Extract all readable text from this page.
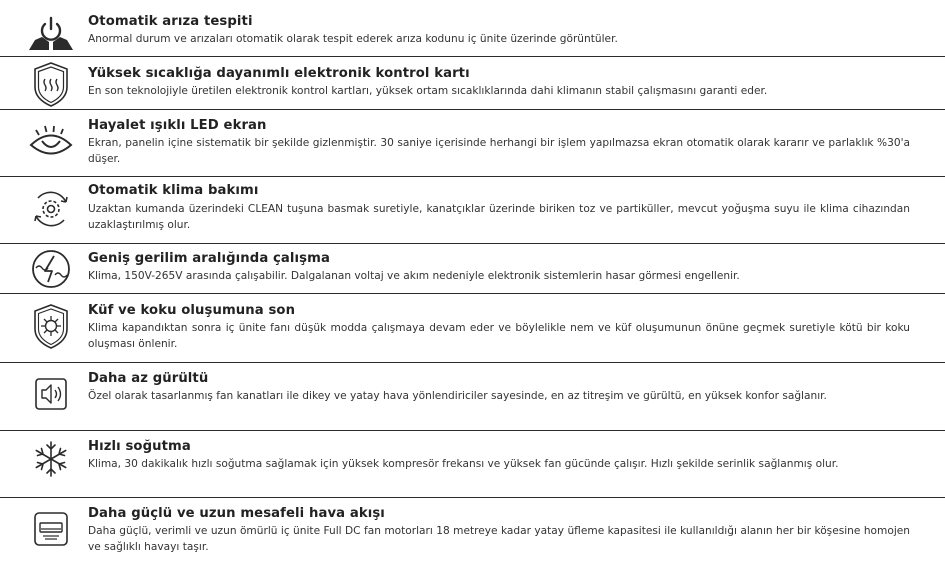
Otomatik arıza tespiti
Anormal durum ve arızaları otomatik olarak tespit ederek arıza kodunu iç ünite üzerinde görüntüler.
Yüksek sıcaklığa dayanımlı elektronik kontrol kartı
En son teknolojiyle üretilen elektronik kontrol kartları, yüksek ortam sıcaklıklarında dahi klimanın stabil çalışmasını garanti eder.
Hayalet ışıklı LED ekran
Ekran, panelin içine sistematik bir şekilde gizlenmiştir. 30 saniye içerisinde herhangi bir işlem yapılmazsa ekran otomatik olarak kararır ve parlaklık %30'a düşer.
Otomatik klima bakımı
Uzaktan kumanda üzerindeki CLEAN tuşuna basmak suretiyle, kanatçıklar üzerinde biriken toz ve partiküller, mevcut yoğuşma suyu ile klima cihazından uzaklaştırılmış olur.
Geniş gerilim aralığında çalışma
Klima, 150V-265V arasında çalışabilir. Dalgalanan voltaj ve akım nedeniyle elektronik sistemlerin hasar görmesi engellenir.
Küf ve koku oluşumuna son
Klima kapandıktan sonra iç ünite fanı düşük modda çalışmaya devam eder ve böylelikle nem ve küf oluşumunun önüne geçmek suretiyle kötü bir koku oluşması önlenir.
Daha az gürültü
Özel olarak tasarlanmış fan kanatları ile dikey ve yatay hava yönlendiriciler sayesinde, en az titreşim ve gürültü, en yüksek konfor sağlanır.
Hızlı soğutma
Klima, 30 dakikalık hızlı soğutma sağlamak için yüksek kompresör frekansı ve yüksek fan gücünde çalışır. Hızlı şekilde serinlik sağlanmış olur.
Daha güçlü ve uzun mesafeli hava akışı
Daha güçlü, verimli ve uzun ömürlü iç ünite Full DC fan motorları 18 metreye kadar yatay üfleme kapasitesi ile kullanıldığı alanın her bir köşesine homojen ve sağlıklı havayı taşır.
